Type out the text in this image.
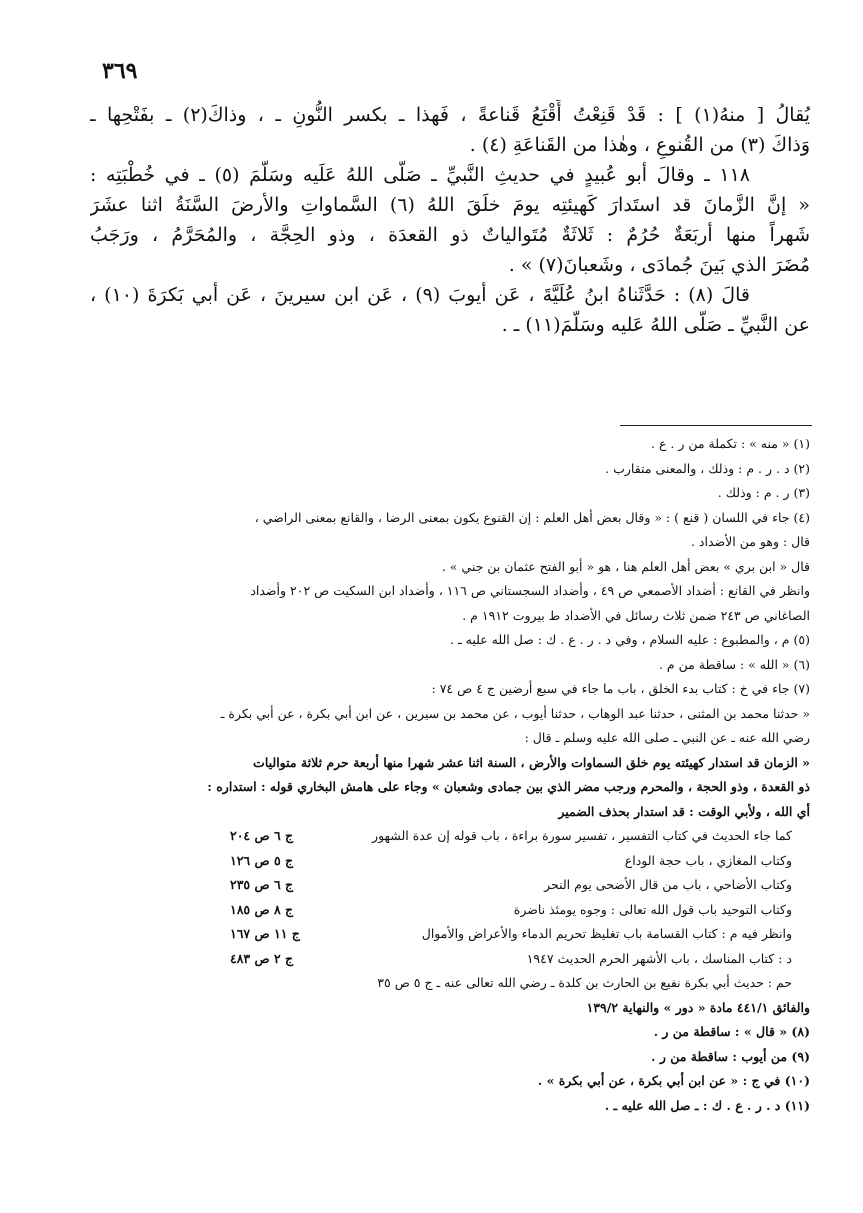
٣٦٩
يُقالُ [ منهُ(١) ] : قَدْ قَنِعْتُ أَقْنَعُ قَناعةً ، فَهذا ـ بكسر النُّونِ ـ ، وذاكَ(٢) ـ بفَتْحِها ـ
وَذاكَ (٣) من القُنوعِ ، وهٰذا من القَناعَةِ (٤) .
١١٨ ـ وقالَ أبو عُبيدٍ في حديثِ النَّبيِّ ـ صَلَّى اللهُ عَلَيه وسَلَّمَ (٥) ـ في خُطْبَتِه :
« إنَّ الزَّمانَ قد استَدارَ كَهيئتِه يومَ خلَقَ اللهُ (٦) السَّماواتِ والأرضَ السَّنَةُ اثنا عشَرَ
شَهراً منها أربَعَةٌ حُرُمٌ : ثَلاثَةٌ مُتَوالياتٌ ذو القعدَة ، وذو الحِجَّة ، والمُحَرَّمُ ، ورَجَبُ
مُضَرَ الذي بَينَ جُمادَى ، وشَعبانَ(٧) » .
قالَ (٨) : حَدَّثَناهُ ابنُ عُلَيَّةَ ، عَن أيوبَ (٩) ، عَن ابن سيرينَ ، عَن أبي بَكرَةَ (١٠) ،
عن النَّبيِّ ـ صَلَّى اللهُ عَليه وسَلَّمَ(١١) ـ .
(١) « منه » : تكملة من ر . ع .
(٢) د . ر . م : وذلك ، والمعنى متقارب .
(٣) ر . م : وذلك .
(٤) جاء في اللسان ( قنع ) : « وقال بعض أهل العلم : إن القنوع يكون بمعنى الرضا ، والقانع بمعنى الراضي ،
قال : وهو من الأضداد .
قال « ابن بري » بعض أهل العلم هنا ، هو « أبو الفتح عثمان بن جني » .
وانظر في القانع : أضداد الأصمعي ص ٤٩ ، وأضداد السجستاني ص ١١٦ ، وأضداد ابن السكيت ص ٢٠٢ وأضداد
الصاغاني ص ٢٤٣ ضمن ثلاث رسائل في الأضداد ط بيروت ١٩١٢ م .
(٥) م ، والمطبوع : عليه السلام ، وفي د . ر . ع . ك : صل الله عليه ـ .
(٦) « الله » : ساقطة من م .
(٧) جاء في خ : كتاب بدء الخلق ، باب ما جاء في سبع أرضين ج ٤ ص ٧٤ :
« حدثنا محمد بن المثنى ، حدثنا عبد الوهاب ، حدثنا أيوب ، عن محمد بن سيرين ، عن ابن أبي بكرة ، عن أبي بكرة ـ
رضي الله عنه ـ عن النبي ـ صلى الله عليه وسلم ـ قال :
« الزمان قد استدار كهيئته يوم خلق السماوات والأرض ، السنة اثنا عشر شهرا منها أربعة حرم ثلاثة متواليات
ذو القعدة ، وذو الحجة ، والمحرم ورجب مضر الذي بين جمادى وشعبان » وجاء على هامش البخاري قوله : استداره :
أي الله ، ولأبي الوقت : قد استدار بحذف الضمير
كما جاء الحديث في كتاب التفسير ، تفسير سورة براءة ، باب قوله إن عدة الشهور
ج ٦ ص ٢٠٤
وكتاب المغازي ، باب حجة الوداع
ج ٥ ص ١٢٦
وكتاب الأضاحي ، باب من قال الأضحى يوم النحر
ج ٦ ص ٢٣٥
وكتاب التوحيد باب قول الله تعالى : وجوه يومئذ ناضرة
ج ٨ ص ١٨٥
وانظر فيه م : كتاب القسامة باب تغليظ تحريم الدماء والأعراض والأموال
ج ١١ ص ١٦٧
د : كتاب المناسك ، باب الأشهر الحرم الحديث ١٩٤٧
ج ٢ ص ٤٨٣
حم : حديث أبي بكرة نفيع بن الحارث بن كلدة ـ رضي الله تعالى عنه ـ ج ٥ ص ٣٥
والفائق ٤٤١/١ مادة « دور » والنهاية ١٣٩/٢
(٨) « قال » : ساقطة من ر .
(٩) من أيوب : ساقطة من ر .
(١٠) في ج : « عن ابن أبي بكرة ، عن أبي بكرة » .
(١١) د . ر . ع . ك : ـ صل الله عليه ـ .
